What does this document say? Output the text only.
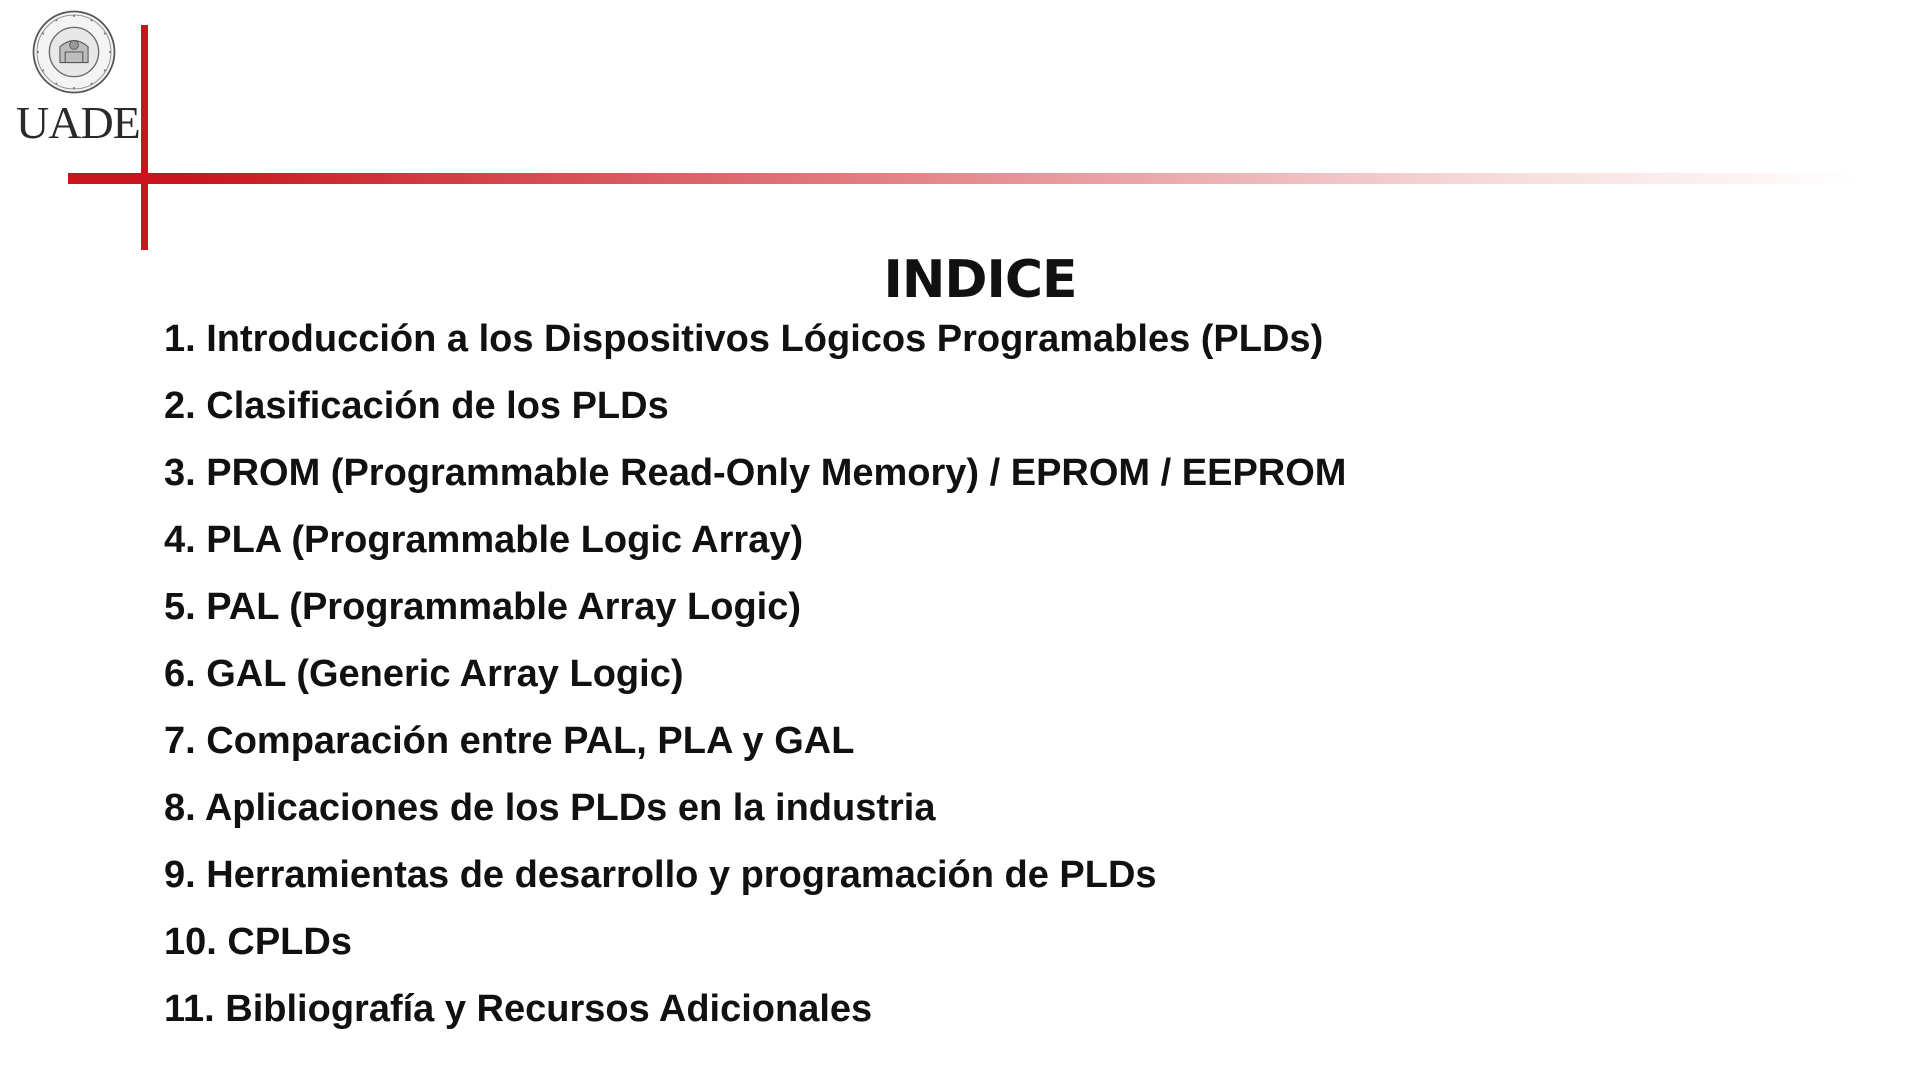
UADE
INDICE
1. Introducción a los Dispositivos Lógicos Programables (PLDs)
2. Clasificación de los PLDs
3. PROM (Programmable Read-Only Memory) / EPROM / EEPROM
4. PLA (Programmable Logic Array)
5. PAL (Programmable Array Logic)
6. GAL (Generic Array Logic)
7. Comparación entre PAL, PLA y GAL
8. Aplicaciones de los PLDs en la industria
9. Herramientas de desarrollo y programación de PLDs
10. CPLDs
11. Bibliografía y Recursos Adicionales
